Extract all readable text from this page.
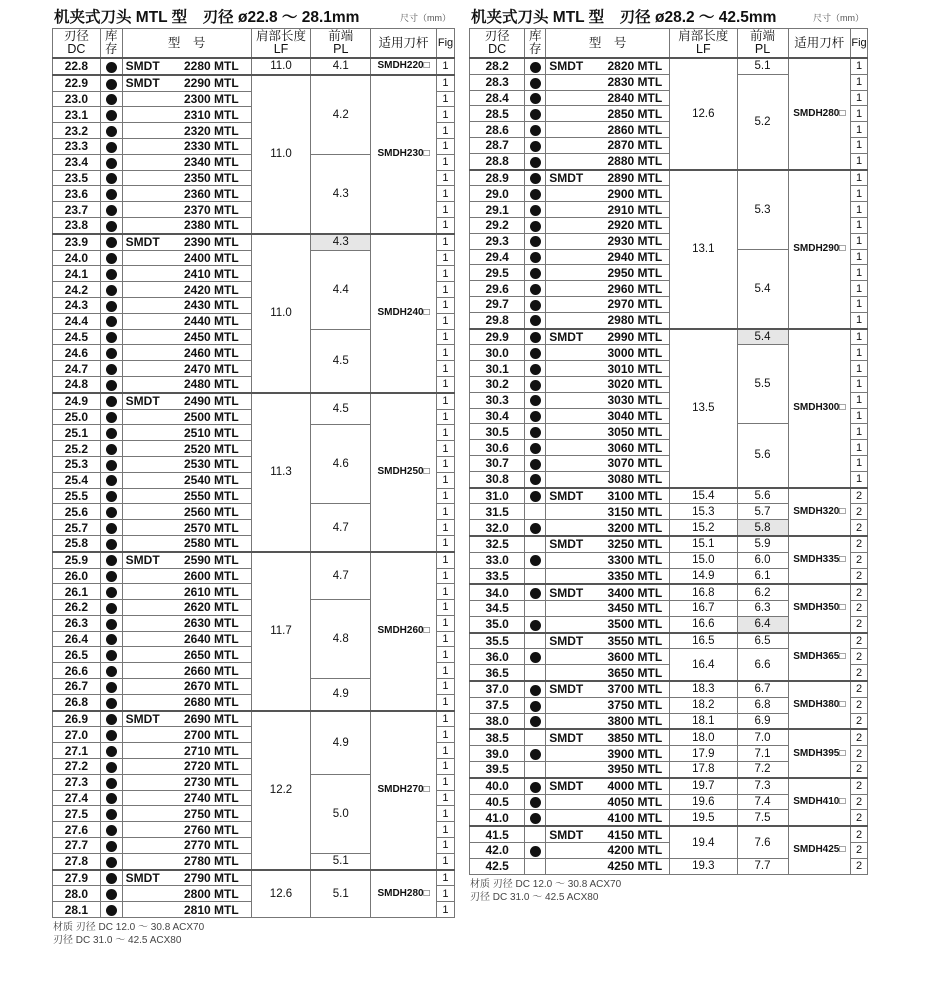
机夹式刀头 MTL 型　刃径 ø22.8 ～ 28.1mm	尺寸（mm）
刃径
DC	库
存	型　号	肩部长度
LF	前端
PL	适用刀杆	Fig
22.8		SMDT 2280 MTL	11.0	4.1	SMDH220□	1
22.9		SMDT 2290 MTL	11.0	4.2	SMDH230□	1
23.0		2300 MTL				1
23.1		2310 MTL				1
23.2		2320 MTL				1
23.3		2330 MTL				1
23.4		2340 MTL		4.3		1
23.5		2350 MTL				1
23.6		2360 MTL				1
23.7		2370 MTL				1
23.8		2380 MTL				1
23.9		SMDT 2390 MTL	11.0	4.3	SMDH240□	1
24.0		2400 MTL		4.4		1
24.1		2410 MTL				1
24.2		2420 MTL				1
24.3		2430 MTL				1
24.4		2440 MTL				1
24.5		2450 MTL		4.5		1
24.6		2460 MTL				1
24.7		2470 MTL				1
24.8		2480 MTL				1
24.9		SMDT 2490 MTL	11.3	4.5	SMDH250□	1
25.0		2500 MTL				1
25.1		2510 MTL		4.6		1
25.2		2520 MTL				1
25.3		2530 MTL				1
25.4		2540 MTL				1
25.5		2550 MTL				1
25.6		2560 MTL		4.7		1
25.7		2570 MTL				1
25.8		2580 MTL				1
25.9		SMDT 2590 MTL	11.7	4.7	SMDH260□	1
26.0		2600 MTL				1
26.1		2610 MTL				1
26.2		2620 MTL		4.8		1
26.3		2630 MTL				1
26.4		2640 MTL				1
26.5		2650 MTL				1
26.6		2660 MTL				1
26.7		2670 MTL		4.9		1
26.8		2680 MTL				1
26.9		SMDT 2690 MTL	12.2	4.9	SMDH270□	1
27.0		2700 MTL				1
27.1		2710 MTL				1
27.2		2720 MTL				1
27.3		2730 MTL		5.0		1
27.4		2740 MTL				1
27.5		2750 MTL				1
27.6		2760 MTL				1
27.7		2770 MTL				1
27.8		2780 MTL		5.1		1
27.9		SMDT 2790 MTL	12.6	5.1	SMDH280□	1
28.0		2800 MTL				1
28.1		2810 MTL				1
材质 刃径 DC 12.0 ～ 30.8 ACX70
刃径 DC 31.0 ～ 42.5 ACX80
机夹式刀头 MTL 型　刃径 ø28.2 ～ 42.5mm	尺寸（mm）
刃径
DC	库
存	型　号	肩部长度
LF	前端
PL	适用刀杆	Fig
28.2		SMDT 2820 MTL	12.6	5.1	SMDH280□	1
28.3		2830 MTL		5.2		1
28.4		2840 MTL				1
28.5		2850 MTL				1
28.6		2860 MTL				1
28.7		2870 MTL				1
28.8		2880 MTL				1
28.9		SMDT 2890 MTL	13.1	5.3	SMDH290□	1
29.0		2900 MTL				1
29.1		2910 MTL				1
29.2		2920 MTL				1
29.3		2930 MTL				1
29.4		2940 MTL		5.4		1
29.5		2950 MTL				1
29.6		2960 MTL				1
29.7		2970 MTL				1
29.8		2980 MTL				1
29.9		SMDT 2990 MTL	13.5	5.4	SMDH300□	1
30.0		3000 MTL		5.5		1
30.1		3010 MTL				1
30.2		3020 MTL				1
30.3		3030 MTL				1
30.4		3040 MTL				1
30.5		3050 MTL		5.6		1
30.6		3060 MTL				1
30.7		3070 MTL				1
30.8		3080 MTL				1
31.0		SMDT 3100 MTL	15.4	5.6	SMDH320□	2
31.5		3150 MTL	15.3	5.7		2
32.0		3200 MTL	15.2	5.8		2
32.5		SMDT 3250 MTL	15.1	5.9	SMDH335□	2
33.0		3300 MTL	15.0	6.0		2
33.5		3350 MTL	14.9	6.1		2
34.0		SMDT 3400 MTL	16.8	6.2	SMDH350□	2
34.5		3450 MTL	16.7	6.3		2
35.0		3500 MTL	16.6	6.4		2
35.5		SMDT 3550 MTL	16.5	6.5	SMDH365□	2
36.0		3600 MTL	16.4	6.6		2
36.5		3650 MTL				2
37.0		SMDT 3700 MTL	18.3	6.7	SMDH380□	2
37.5		3750 MTL	18.2	6.8		2
38.0		3800 MTL	18.1	6.9		2
38.5		SMDT 3850 MTL	18.0	7.0	SMDH395□	2
39.0		3900 MTL	17.9	7.1		2
39.5		3950 MTL	17.8	7.2		2
40.0		SMDT 4000 MTL	19.7	7.3	SMDH410□	2
40.5		4050 MTL	19.6	7.4		2
41.0		4100 MTL	19.5	7.5		2
41.5		SMDT 4150 MTL	19.4	7.6	SMDH425□	2
42.0		4200 MTL				2
42.5		4250 MTL	19.3	7.7		2
材质 刃径 DC 12.0 ～ 30.8 ACX70
刃径 DC 31.0 ～ 42.5 ACX80
